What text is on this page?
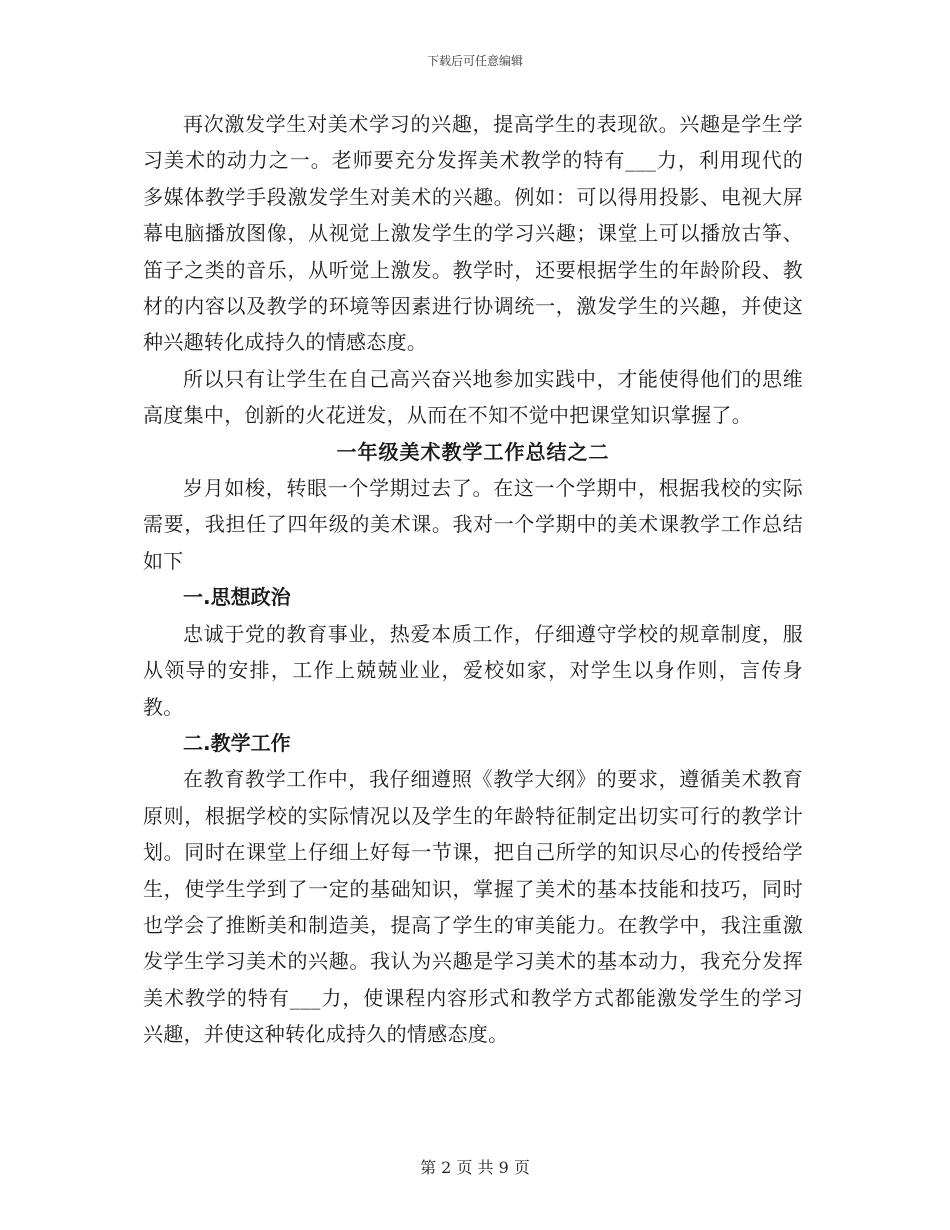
下载后可任意编辑

再次激发学生对美术学习的兴趣，提高学生的表现欲。兴趣是学生学习美术的动力之一。老师要充分发挥美术教学的特有___力，利用现代的多媒体教学手段激发学生对美术的兴趣。例如：可以得用投影、电视大屏幕电脑播放图像，从视觉上激发学生的学习兴趣；课堂上可以播放古筝、笛子之类的音乐，从听觉上激发。教学时，还要根据学生的年龄阶段、教材的内容以及教学的环境等因素进行协调统一，激发学生的兴趣，并使这种兴趣转化成持久的情感态度。

所以只有让学生在自己高兴奋兴地参加实践中，才能使得他们的思维高度集中，创新的火花迸发，从而在不知不觉中把课堂知识掌握了。

一年级美术教学工作总结之二

岁月如梭，转眼一个学期过去了。在这一个学期中，根据我校的实际需要，我担任了四年级的美术课。我对一个学期中的美术课教学工作总结如下

一.思想政治

忠诚于党的教育事业，热爱本质工作，仔细遵守学校的规章制度，服从领导的安排，工作上兢兢业业，爱校如家，对学生以身作则，言传身教。

二.教学工作

在教育教学工作中，我仔细遵照《教学大纲》的要求，遵循美术教育原则，根据学校的实际情况以及学生的年龄特征制定出切实可行的教学计划。同时在课堂上仔细上好每一节课，把自己所学的知识尽心的传授给学生，使学生学到了一定的基础知识，掌握了美术的基本技能和技巧，同时也学会了推断美和制造美，提高了学生的审美能力。在教学中，我注重激发学生学习美术的兴趣。我认为兴趣是学习美术的基本动力，我充分发挥美术教学的特有___力，使课程内容形式和教学方式都能激发学生的学习兴趣，并使这种转化成持久的情感态度。

第 2 页 共 9 页
